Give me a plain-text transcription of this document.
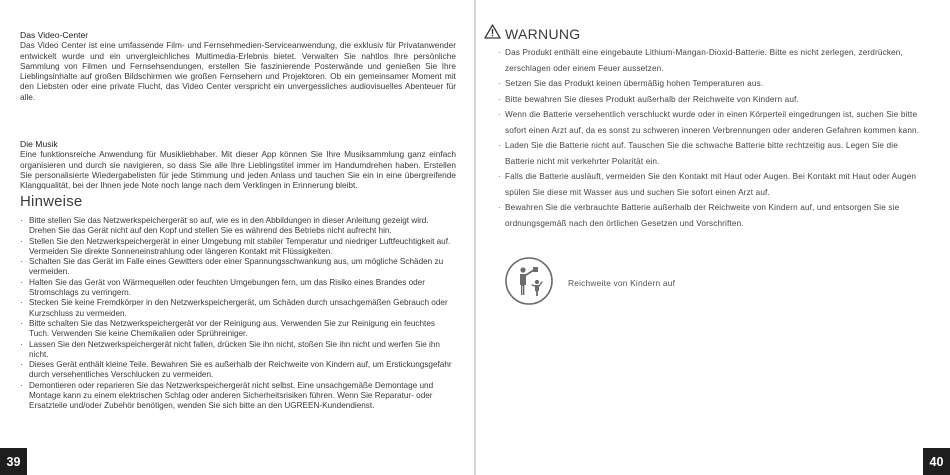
Das Video-Center

Das Video Center ist eine umfassende Film- und Fernsehmedien-Serviceanwendung, die exklusiv für Privatanwender entwickelt wurde und ein unvergleichliches Multimedia-Erlebnis bietet. Verwalten Sie nahtlos Ihre persönliche Sammlung von Filmen und Fernsehsendungen, erstellen Sie faszinierende Posterwände und genießen Sie Ihre Lieblingsinhalte auf großen Bildschirmen wie großen Fernsehern und Projektoren. Ob ein gemeinsamer Moment mit den Liebsten oder eine private Flucht, das Video Center verspricht ein unvergessliches audiovisuelles Abenteuer für alle.

Die Musik

Eine funktionsreiche Anwendung für Musikliebhaber. Mit dieser App können Sie Ihre Musiksammlung ganz einfach organisieren und durch sie navigieren, so dass Sie alle Ihre Lieblingstitel immer im Handumdrehen haben. Erstellen Sie personalisierte Wiedergabelisten für jede Stimmung und jeden Anlass und tauchen Sie ein in eine übergreifende Klangqualität, bei der Ihnen jede Note noch lange nach dem Verklingen in Erinnerung bleibt.

Hinweise
· Bitte stellen Sie das Netzwerkspeichergerät so auf, wie es in den Abbildungen in dieser Anleitung gezeigt wird. Drehen Sie das Gerät nicht auf den Kopf und stellen Sie es während des Betriebs nicht aufrecht hin.
· Stellen Sie den Netzwerkspeichergerät in einer Umgebung mit stabiler Temperatur und niedriger Luftfeuchtigkeit auf. Vermeiden Sie direkte Sonneneinstrahlung oder längeren Kontakt mit Flüssigkeiten.
· Schalten Sie das Gerät im Falle eines Gewitters oder einer Spannungsschwankung aus, um mögliche Schäden zu vermeiden.
· Halten Sie das Gerät von Wärmequellen oder feuchten Umgebungen fern, um das Risiko eines Brandes oder Stromschlags zu verringern.
· Stecken Sie keine Fremdkörper in den Netzwerkspeichergerät, um Schäden durch unsachgemäßen Gebrauch oder Kurzschluss zu vermeiden.
· Bitte schalten Sie das Netzwerkspeichergerät vor der Reinigung aus. Verwenden Sie zur Reinigung ein feuchtes Tuch. Verwenden Sie keine Chemikalien oder Sprühreiniger.
· Lassen Sie den Netzwerkspeichergerät nicht fallen, drücken Sie ihn nicht, stoßen Sie ihn nicht und werfen Sie ihn nicht.
· Dieses Gerät enthält kleine Teile. Bewahren Sie es außerhalb der Reichweite von Kindern auf, um Erstickungsgefahr durch versehentliches Verschlucken zu vermeiden.
· Demontieren oder reparieren Sie das Netzwerkspeichergerät nicht selbst. Eine unsachgemäße Demontage und Montage kann zu einem elektrischen Schlag oder anderen Sicherheitsrisiken führen. Wenn Sie Reparatur- oder Ersatzteile und/oder Zubehör benötigen, wenden Sie sich bitte an den UGREEN-Kundendienst.
39
WARNUNG
· Das Produkt enthält eine eingebaute Lithium-Mangan-Dioxid-Batterie. Bitte es nicht zerlegen, zerdrücken, zerschlagen oder einem Feuer aussetzen.
· Setzen Sie das Produkt keinen übermäßig hohen Temperaturen aus.
· Bitte bewahren Sie dieses Produkt außerhalb der Reichweite von Kindern auf.
· Wenn die Batterie versehentlich verschluckt wurde oder in einen Körperteil eingedrungen ist, suchen Sie bitte sofort einen Arzt auf, da es sonst zu schweren inneren Verbrennungen oder anderen Gefahren kommen kann.
· Laden Sie die Batterie nicht auf. Tauschen Sie die schwache Batterie bitte rechtzeitig aus. Legen Sie die Batterie nicht mit verkehrter Polarität ein.
· Falls die Batterie ausläuft, vermeiden Sie den Kontakt mit Haut oder Augen. Bei Kontakt mit Haut oder Augen spülen Sie diese mit Wasser aus und suchen Sie sofort einen Arzt auf.
· Bewahren Sie die verbrauchte Batterie außerhalb der Reichweite von Kindern auf, und entsorgen Sie sie ordnungsgemäß nach den örtlichen Gesetzen und Vorschriften.
Reichweite von Kindern auf
40
